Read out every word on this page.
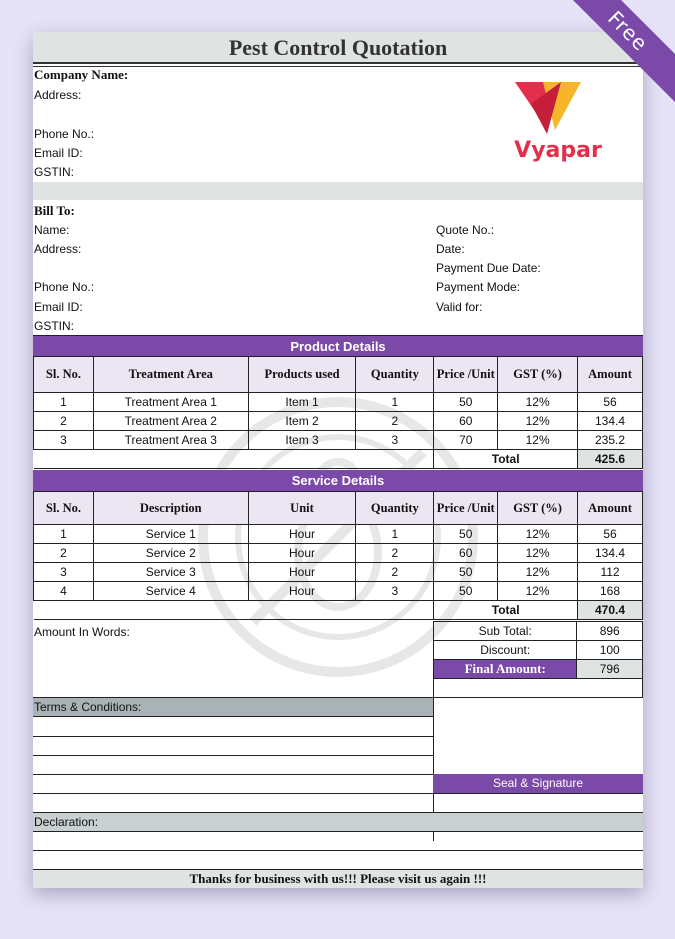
Pest Control Quotation
Company Name:
Address:
Phone No.:
Email ID:
GSTIN:
Vyapar
Bill To:
Name:
Address:
Phone No.:
Email ID:
GSTIN:
Quote No.:
Date:
Payment Due Date:
Payment Mode:
Valid for:
Product Details
Sl. No.	Treatment Area	Products used	Quantity	Price /Unit	GST (%)	Amount
1	Treatment Area 1	Item 1	1	50	12%	56
2	Treatment Area 2	Item 2	2	60	12%	134.4
3	Treatment Area 3	Item 3	3	70	12%	235.2
				Total		425.6
Service Details
Sl. No.	Description	Unit	Quantity	Price /Unit	GST (%)	Amount
1	Service 1	Hour	1	50	12%	56
2	Service 2	Hour	2	60	12%	134.4
3	Service 3	Hour	2	50	12%	112
4	Service 4	Hour	3	50	12%	168
				Total		470.4
Amount In Words:	Sub Total:	896
Discount:	100
Final Amount:	796

Terms & Conditions:
Seal & Signature
Declaration:
Thanks for business with us!!! Please visit us again !!!
Free
